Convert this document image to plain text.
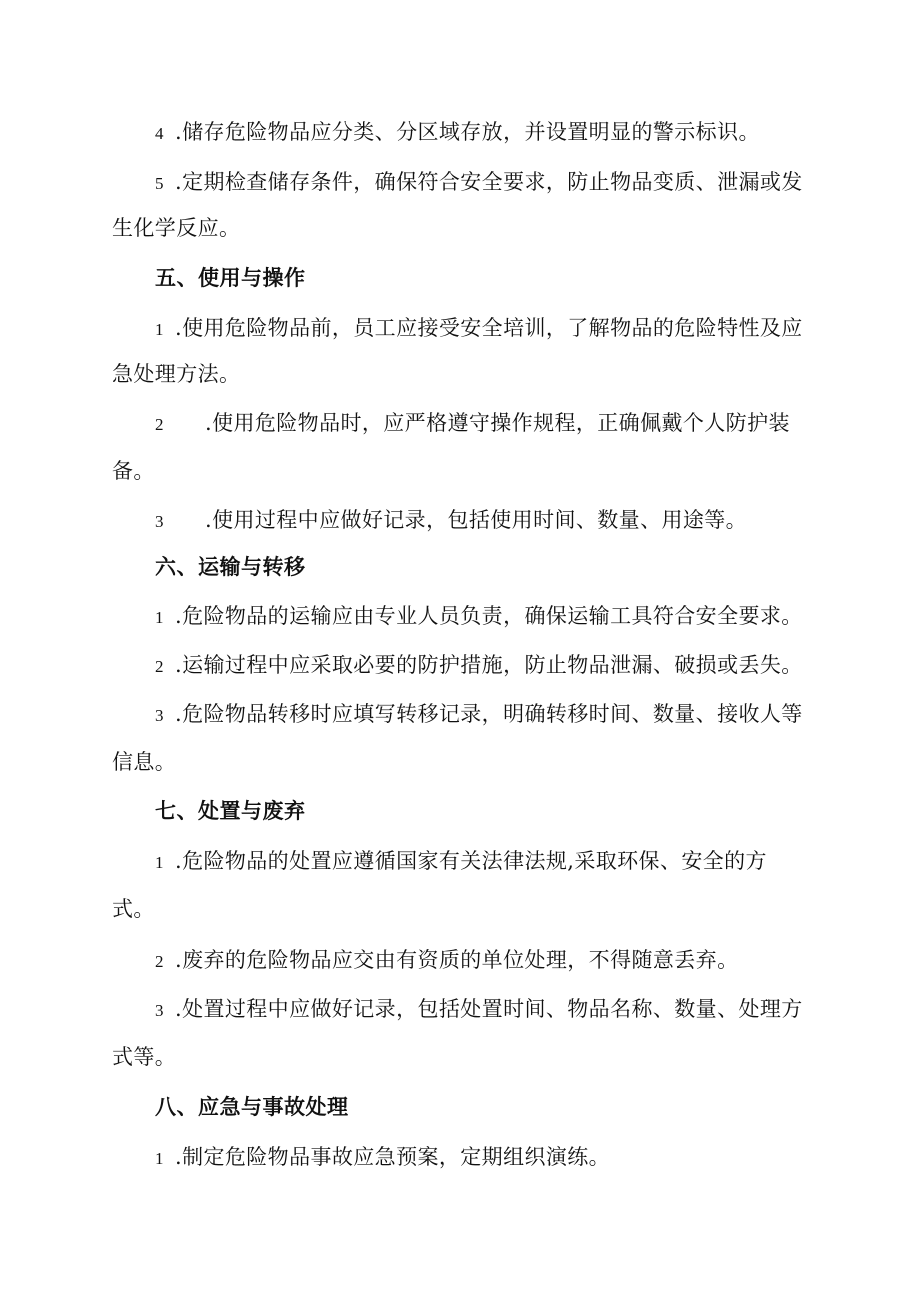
4 .储存危险物品应分类、分区域存放，并设置明显的警示标识。
5 .定期检查储存条件，确保符合安全要求，防止物品变质、泄漏或发
生化学反应。
五、使用与操作
1 .使用危险物品前，员工应接受安全培训，了解物品的危险特性及应
急处理方法。
2 .使用危险物品时，应严格遵守操作规程，正确佩戴个人防护装
备。
3 .使用过程中应做好记录，包括使用时间、数量、用途等。
六、运输与转移
1 .危险物品的运输应由专业人员负责，确保运输工具符合安全要求。
2 .运输过程中应采取必要的防护措施，防止物品泄漏、破损或丢失。
3 .危险物品转移时应填写转移记录，明确转移时间、数量、接收人等
信息。
七、处置与废弃
1 .危险物品的处置应遵循国家有关法律法规,采取环保、安全的方
式。
2 .废弃的危险物品应交由有资质的单位处理，不得随意丢弃。
3 .处置过程中应做好记录，包括处置时间、物品名称、数量、处理方
式等。
八、应急与事故处理
1 .制定危险物品事故应急预案，定期组织演练。
